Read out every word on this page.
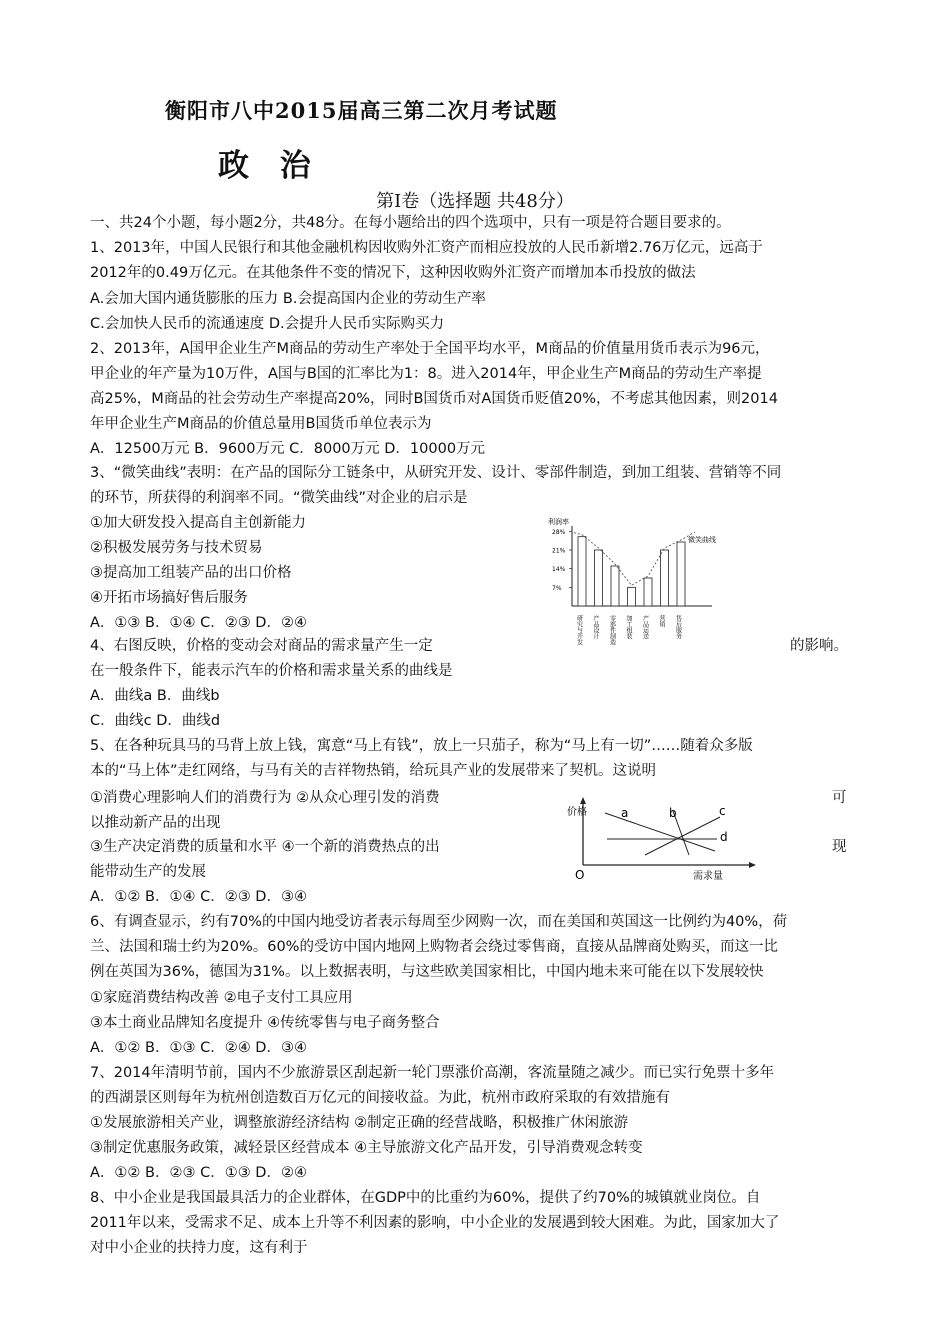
衡阳市八中2015届高三第二次月考试题
政 治
第Ⅰ卷（选择题 共48分）
一、共24个小题，每小题2分，共48分。在每小题给出的四个选项中，只有一项是符合题目要求的。
1、2013年，中国人民银行和其他金融机构因收购外汇资产而相应投放的人民币新增2.76万亿元，远高于
2012年的0.49万亿元。在其他条件不变的情况下，这种因收购外汇资产而增加本币投放的做法
A.会加大国内通货膨胀的压力 B.会提高国内企业的劳动生产率
C.会加快人民币的流通速度 D.会提升人民币实际购买力
2、2013年，A国甲企业生产M商品的劳动生产率处于全国平均水平，M商品的价值量用货币表示为96元，
甲企业的年产量为10万件，A国与B国的汇率比为1：8。进入2014年，甲企业生产M商品的劳动生产率提
高25%，M商品的社会劳动生产率提高20%，同时B国货币对A国货币贬值20%，不考虑其他因素，则2014
年甲企业生产M商品的价值总量用B国货币单位表示为
A．12500万元 B．9600万元 C．8000万元 D．10000万元
3、“微笑曲线”表明：在产品的国际分工链条中，从研究开发、设计、零部件制造，到加工组装、营销等不同
的环节，所获得的利润率不同。“微笑曲线”对企业的启示是
①加大研发投入提高自主创新能力
②积极发展劳务与技术贸易
③提高加工组装产品的出口价格
④开拓市场搞好售后服务
A．①③ B．①④ C．②③ D．②④
4、右图反映，价格的变动会对商品的需求量产生一定
在一般条件下，能表示汽车的价格和需求量关系的曲线是
A．曲线a B．曲线b
C．曲线c D．曲线d
5、在各种玩具马的马背上放上钱，寓意“马上有钱”，放上一只茄子，称为“马上有一切”……随着众多版
本的“马上体”走红网络，与马有关的吉祥物热销，给玩具产业的发展带来了契机。这说明
①消费心理影响人们的消费行为 ②从众心理引发的消费
以推动新产品的出现
③生产决定消费的质量和水平 ④一个新的消费热点的出
能带动生产的发展
A．①② B．①④ C．②③ D．③④
6、有调查显示，约有70%的中国内地受访者表示每周至少网购一次，而在美国和英国这一比例约为40%，荷
兰、法国和瑞士约为20%。60%的受访中国内地网上购物者会绕过零售商，直接从品牌商处购买，而这一比
例在英国为36%，德国为31%。以上数据表明，与这些欧美国家相比，中国内地未来可能在以下发展较快
①家庭消费结构改善 ②电子支付工具应用
③本土商业品牌知名度提升 ④传统零售与电子商务整合
A．①② B．①③ C．②④ D．③④
7、2014年清明节前，国内不少旅游景区刮起新一轮门票涨价高潮，客流量随之减少。而已实行免票十多年
的西湖景区则每年为杭州创造数百万亿元的间接收益。为此，杭州市政府采取的有效措施有
①发展旅游相关产业，调整旅游经济结构 ②制定正确的经营战略，积极推广休闲旅游
③制定优惠服务政策，减轻景区经营成本 ④主导旅游文化产品开发，引导消费观念转变
A．①② B．②③ C．①③ D．②④
8、中小企业是我国最具活力的企业群体，在GDP中的比重约为60%，提供了约70%的城镇就业岗位。自
2011年以来，受需求不足、成本上升等不利因素的影响，中小企业的发展遇到较大困难。为此，国家加大了
对中小企业的扶持力度，这有利于
的影响。
可
现
利润率
28%
21%
14%
7%
微笑曲线
研究与开发 产品设计 零部件制造 加工组装 产品运送 营销 售后服务
价格
需求量
O
a	b	c
d
